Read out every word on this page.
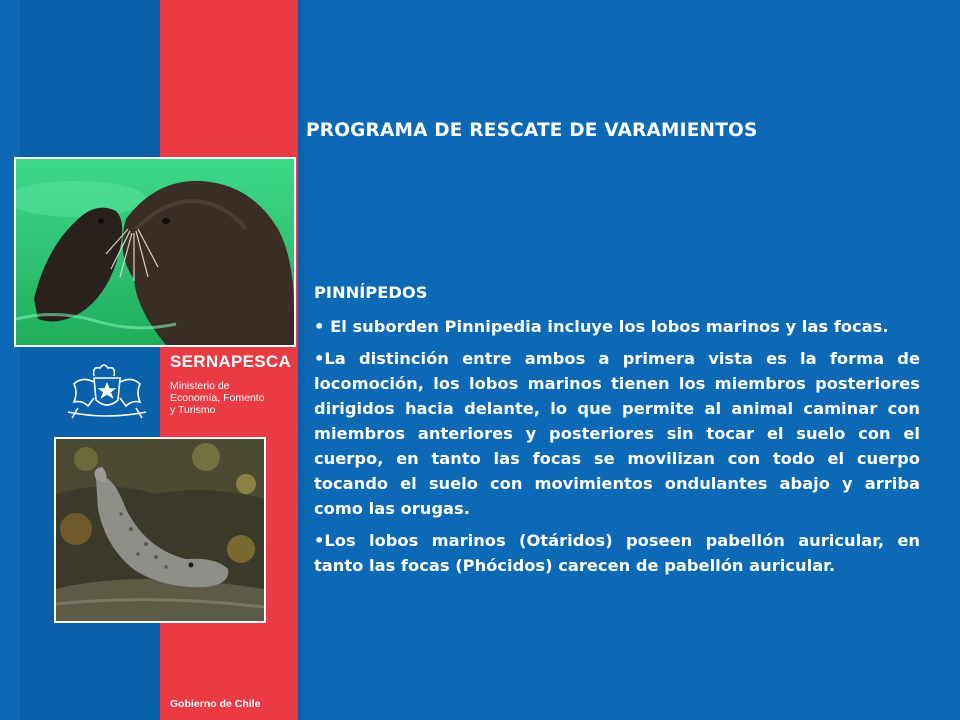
SERNAPESCA
Ministerio de
Economía, Fomento
y Turismo
Gobierno de Chile
PROGRAMA DE RESCATE DE VARAMIENTOS

PINNÍPEDOS

• El suborden Pinnipedia incluye los lobos marinos y las focas.

•La distinción entre ambos a primera vista es la forma de locomoción, los lobos marinos tienen los miembros posteriores dirigidos hacia delante, lo que permite al animal caminar con miembros anteriores y posteriores sin tocar el suelo con el cuerpo, en tanto las focas se movilizan con todo el cuerpo tocando el suelo con movimientos ondulantes abajo y arriba como las orugas.

•Los lobos marinos (Otáridos) poseen pabellón auricular, en tanto las focas (Phócidos) carecen de pabellón auricular.
